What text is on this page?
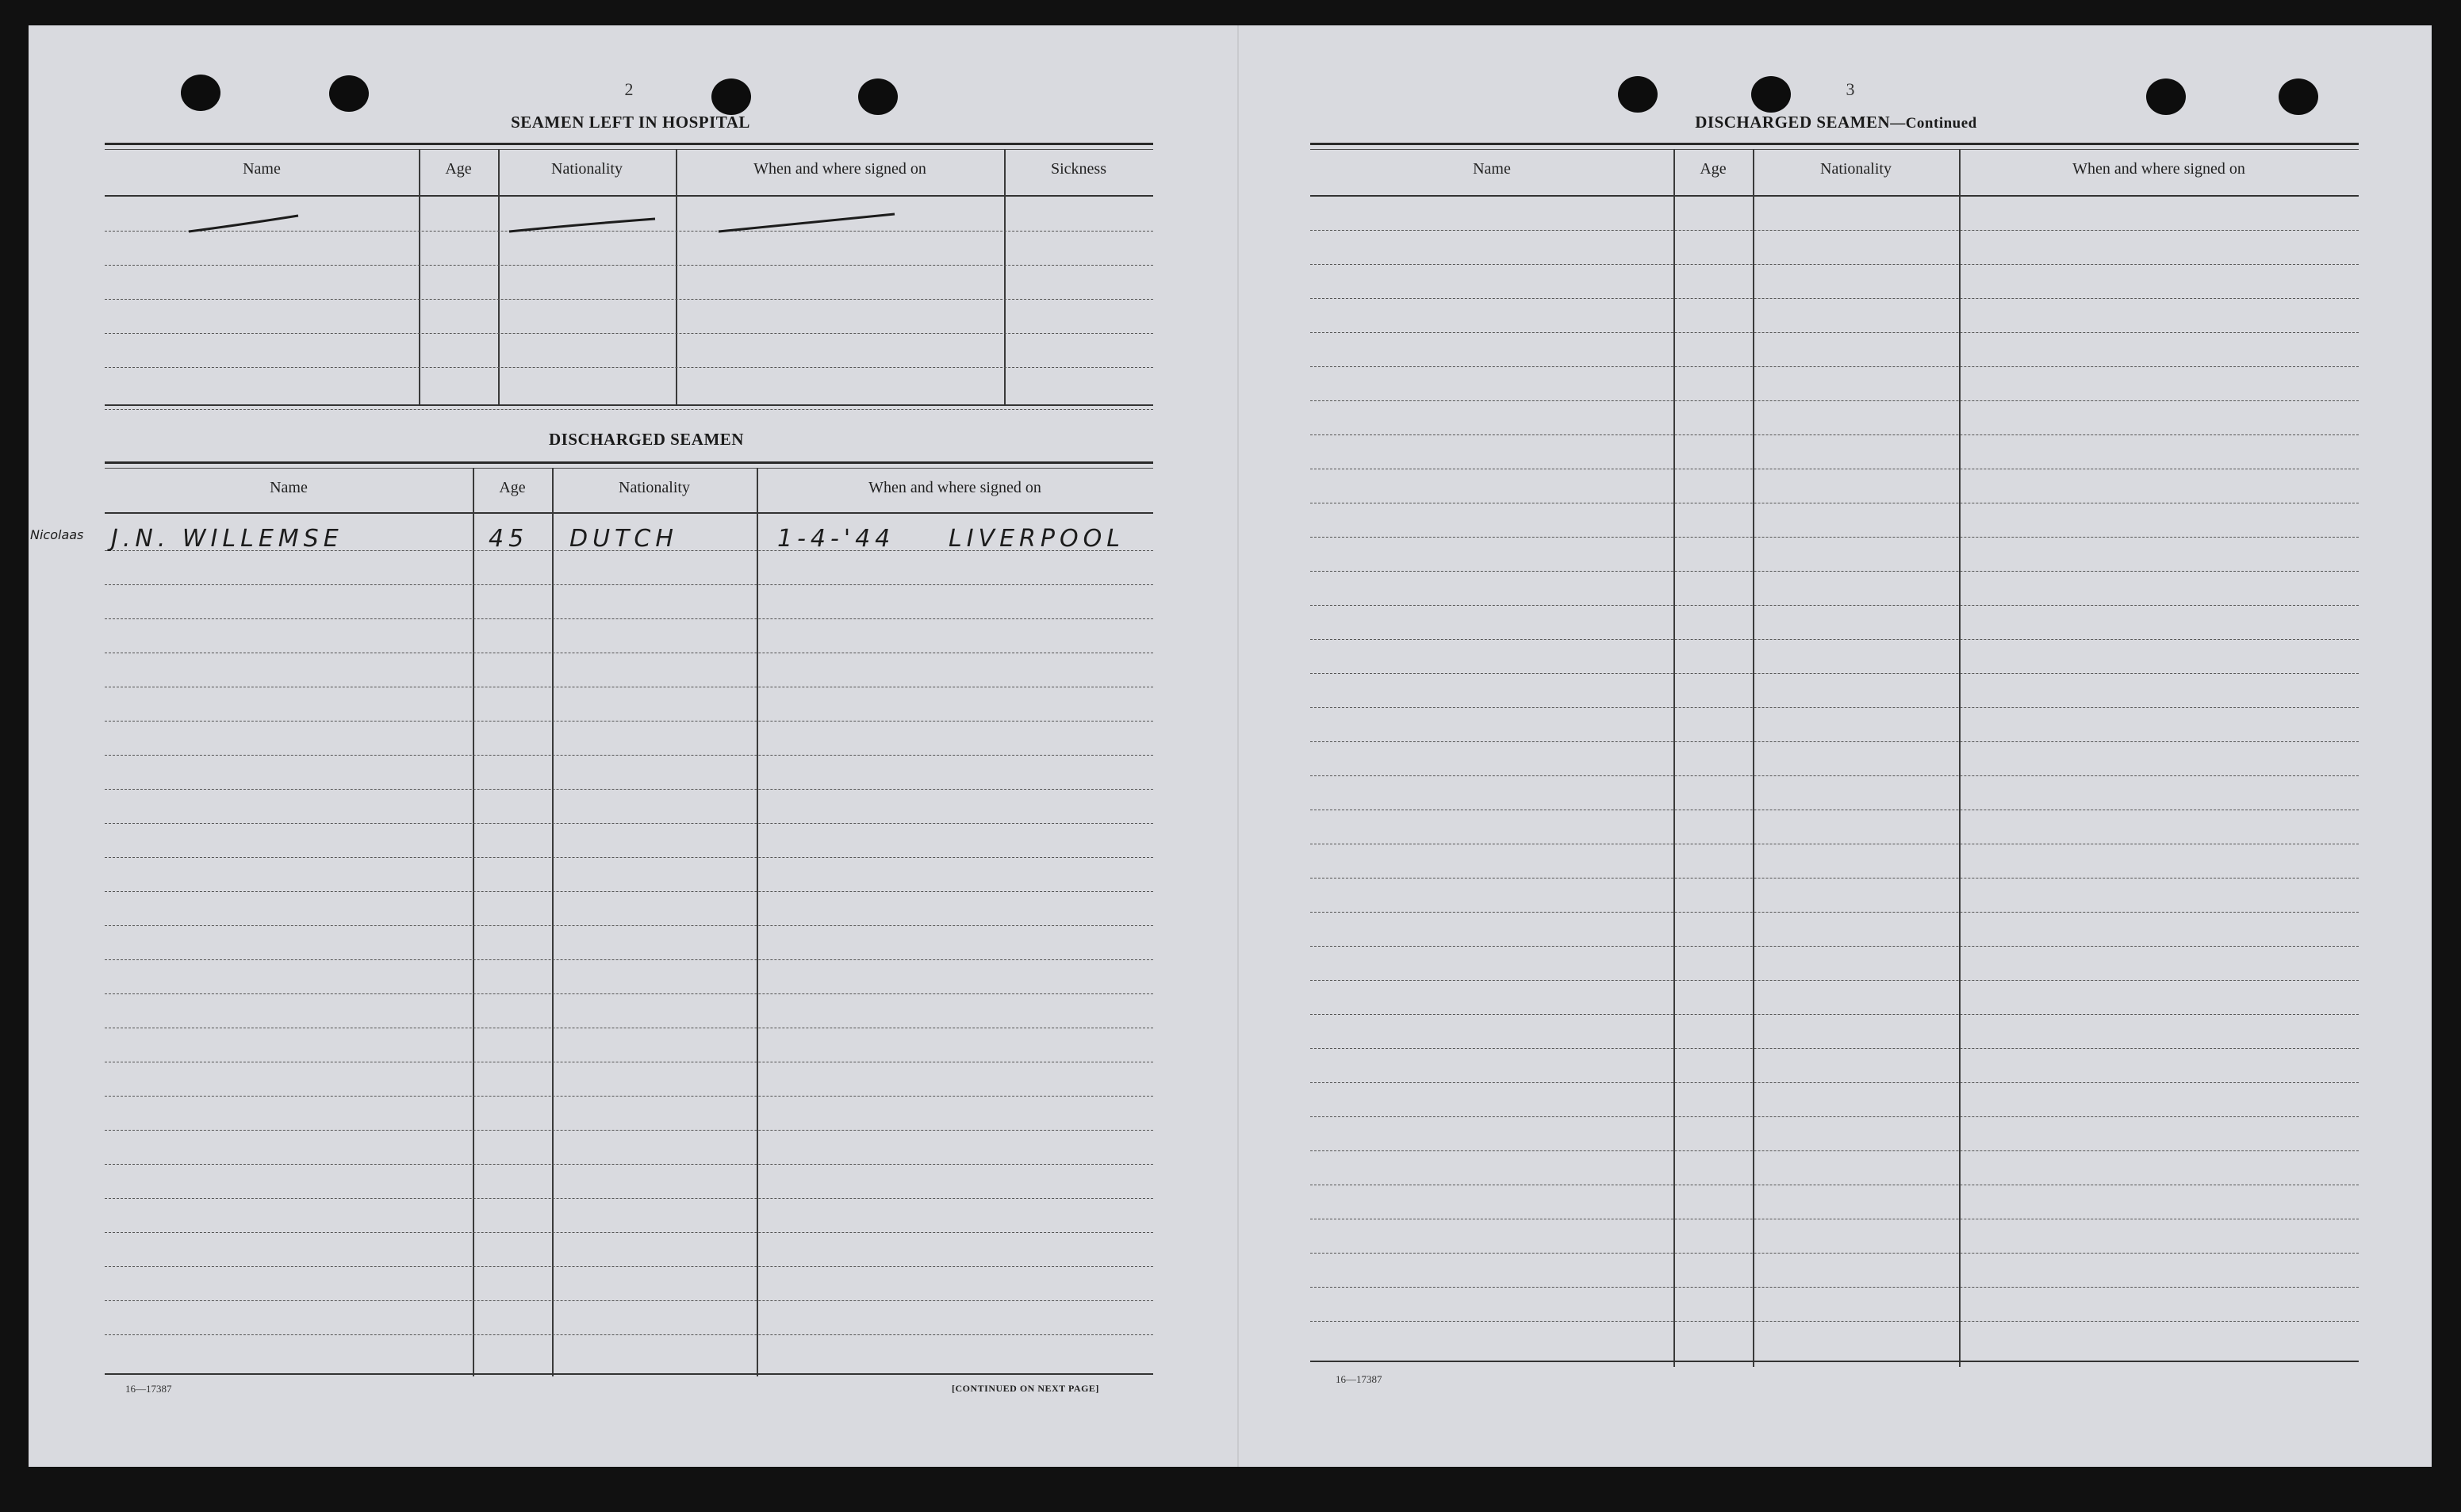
2
SEAMEN LEFT IN HOSPITAL
Name	Age	Nationality	When and where signed on	Sickness
DISCHARGED SEAMEN
Name	Age	Nationality	When and where signed on
Nicolaas J.N. WILLEMSE	45 DUTCH	1-4-'44 LIVERPOOL
16—17387	[CONTINUED ON NEXT PAGE]
3
DISCHARGED SEAMEN—Continued
Name	Age	Nationality	When and where signed on
16—17387
